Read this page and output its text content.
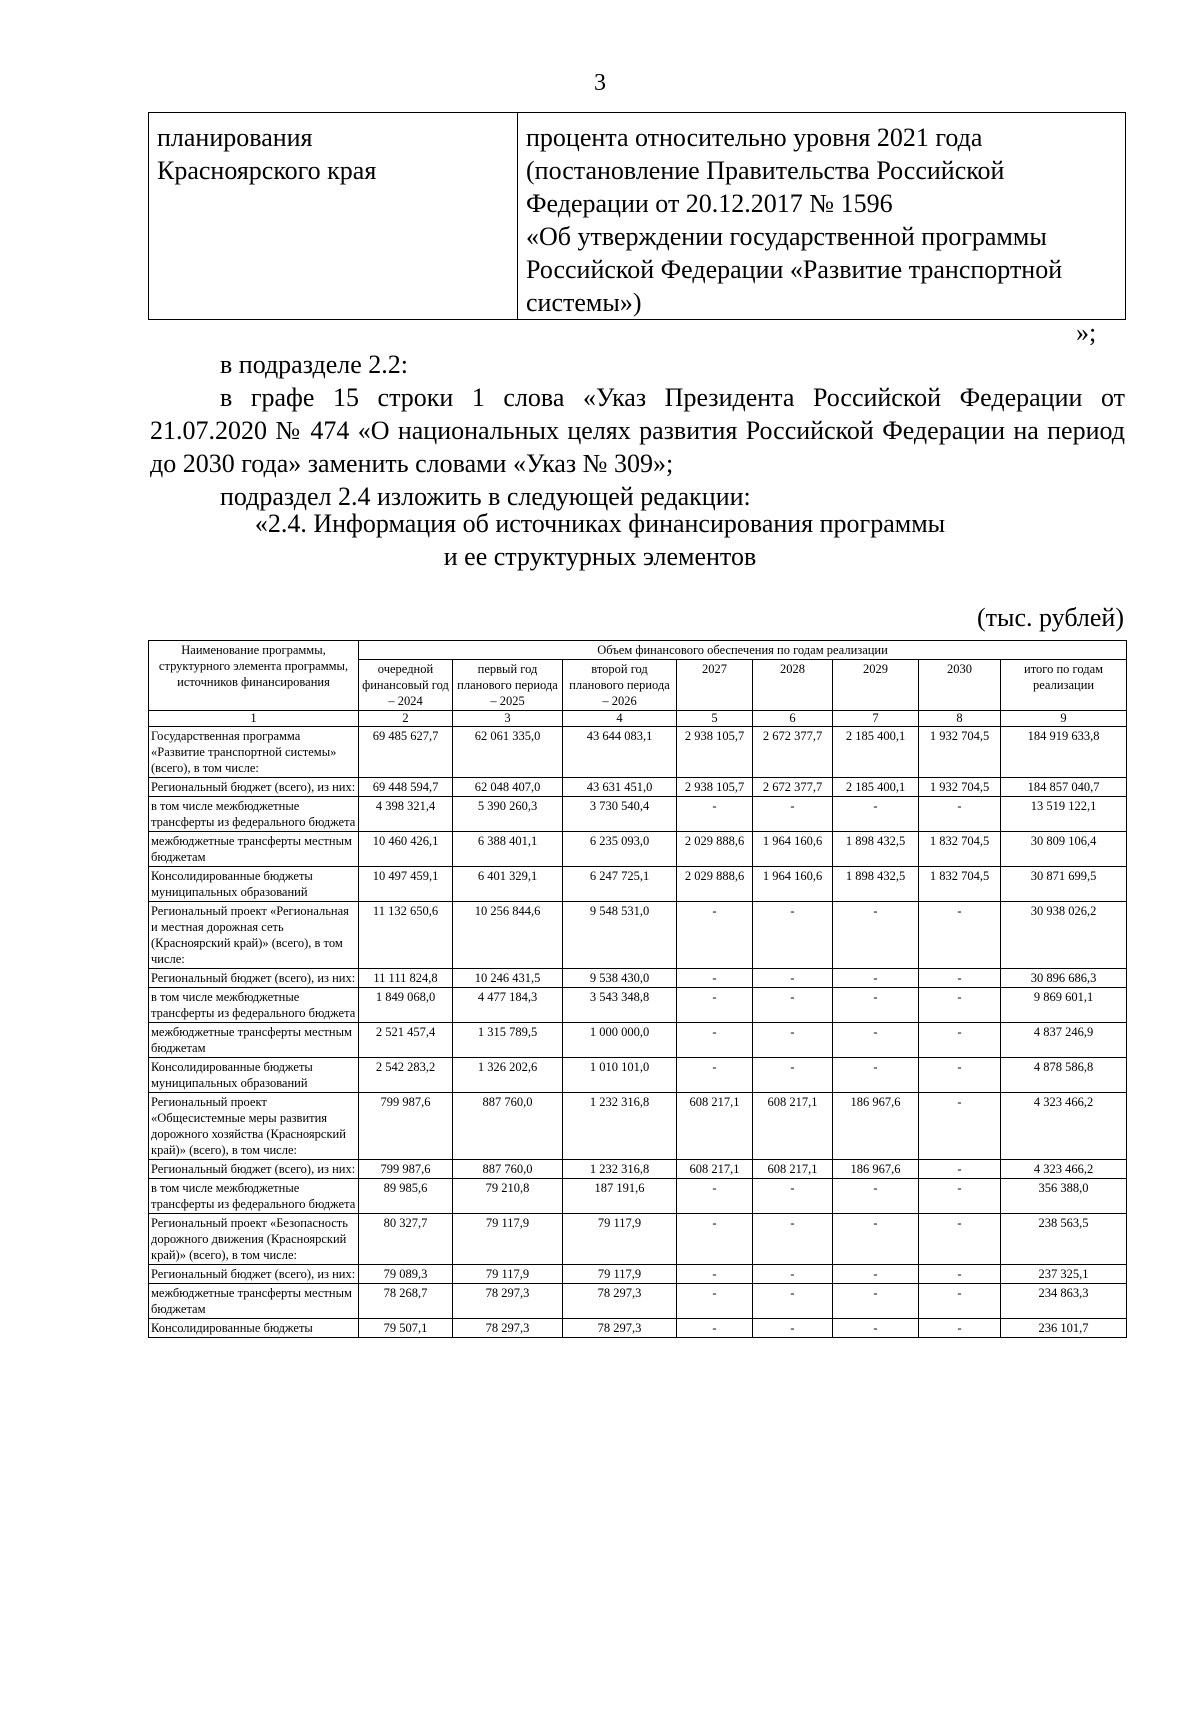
3
планирования
Красноярского края

процента относительно уровня 2021 года
(постановление Правительства Российской
Федерации от 20.12.2017 № 1596
«Об утверждении государственной программы
Российской Федерации «Развитие транспортной
системы»)
»;
в подразделе 2.2:
в графе 15 строки 1 слова «Указ Президента Российской Федерации от 21.07.2020 № 474 «О национальных целях развития Российской Федерации на период до 2030 года» заменить словами «Указ № 309»;
подраздел 2.4 изложить в следующей редакции:
«2.4. Информация об источниках финансирования программы
и ее структурных элементов
(тыс. рублей)
Наименование программы, структурного элемента программы, источников финансирования	Объем финансового обеспечения по годам реализации							
	очередной финансовый год – 2024	первый год планового периода – 2025	второй год планового периода – 2026	2027	2028	2029	2030	итого по годам реализации
1	2	3	4	5	6	7	8	9
Государственная программа «Развитие транспортной системы» (всего), в том числе:	69 485 627,7	62 061 335,0	43 644 083,1	2 938 105,7	2 672 377,7	2 185 400,1	1 932 704,5	184 919 633,8
Региональный бюджет (всего), из них:	69 448 594,7	62 048 407,0	43 631 451,0	2 938 105,7	2 672 377,7	2 185 400,1	1 932 704,5	184 857 040,7
в том числе межбюджетные трансферты из федерального бюджета	4 398 321,4	5 390 260,3	3 730 540,4	-	-	-	-	13 519 122,1
межбюджетные трансферты местным бюджетам	10 460 426,1	6 388 401,1	6 235 093,0	2 029 888,6	1 964 160,6	1 898 432,5	1 832 704,5	30 809 106,4
Консолидированные бюджеты муниципальных образований	10 497 459,1	6 401 329,1	6 247 725,1	2 029 888,6	1 964 160,6	1 898 432,5	1 832 704,5	30 871 699,5
Региональный проект «Региональная и местная дорожная сеть (Красноярский край)» (всего), в том числе:	11 132 650,6	10 256 844,6	9 548 531,0	-	-	-	-	30 938 026,2
Региональный бюджет (всего), из них:	11 111 824,8	10 246 431,5	9 538 430,0	-	-	-	-	30 896 686,3
в том числе межбюджетные трансферты из федерального бюджета	1 849 068,0	4 477 184,3	3 543 348,8	-	-	-	-	9 869 601,1
межбюджетные трансферты местным бюджетам	2 521 457,4	1 315 789,5	1 000 000,0	-	-	-	-	4 837 246,9
Консолидированные бюджеты муниципальных образований	2 542 283,2	1 326 202,6	1 010 101,0	-	-	-	-	4 878 586,8
Региональный проект «Общесистемные меры развития дорожного хозяйства (Красноярский край)» (всего), в том числе:	799 987,6	887 760,0	1 232 316,8	608 217,1	608 217,1	186 967,6	-	4 323 466,2
Региональный бюджет (всего), из них:	799 987,6	887 760,0	1 232 316,8	608 217,1	608 217,1	186 967,6	-	4 323 466,2
в том числе межбюджетные трансферты из федерального бюджета	89 985,6	79 210,8	187 191,6	-	-	-	-	356 388,0
Региональный проект «Безопасность дорожного движения (Красноярский край)» (всего), в том числе:	80 327,7	79 117,9	79 117,9	-	-	-	-	238 563,5
Региональный бюджет (всего), из них:	79 089,3	79 117,9	79 117,9	-	-	-	-	237 325,1
межбюджетные трансферты местным бюджетам	78 268,7	78 297,3	78 297,3	-	-	-	-	234 863,3
Консолидированные бюджеты	79 507,1	78 297,3	78 297,3	-	-	-	-	236 101,7
